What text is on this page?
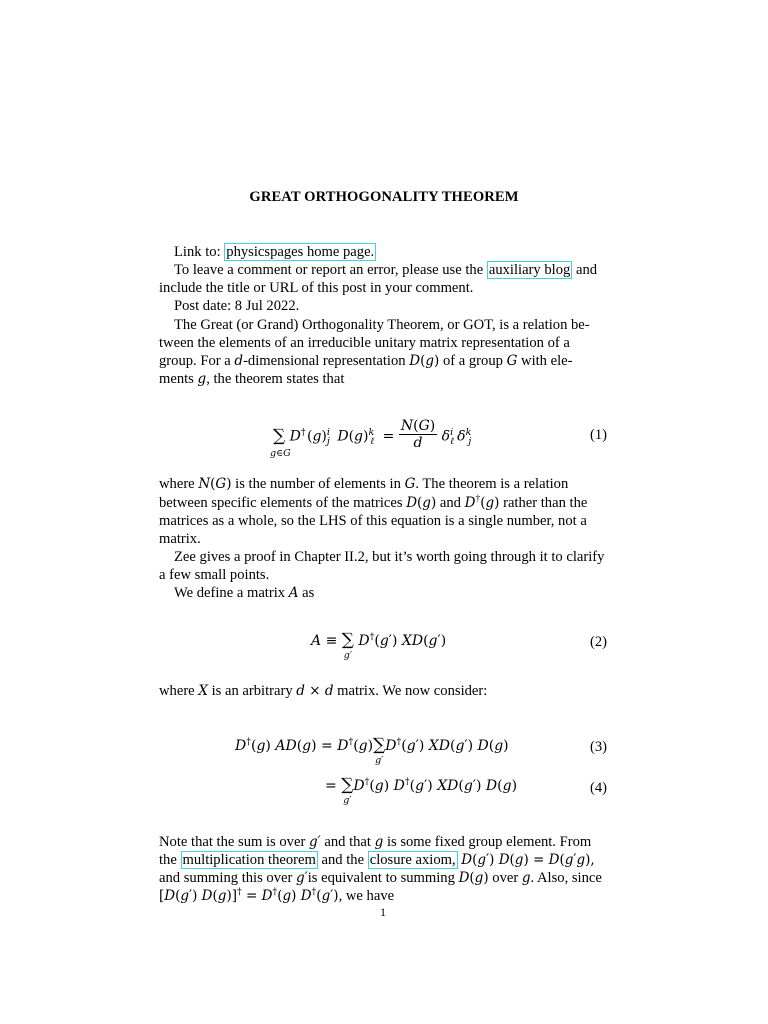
GREAT ORTHOGONALITY THEOREM
Link to: physicspages home page.
To leave a comment or report an error, please use the auxiliary blog and
include the title or URL of this post in your comment.
Post date: 8 Jul 2022.
The Great (or Grand) Orthogonality Theorem, or GOT, is a relation be-
tween the elements of an irreducible unitary matrix representation of a
group. For a d-dimensional representation D(g) of a group G with ele-
ments g, the theorem states that
∑
g∈G
D† $(g)^i_j$ $D(g)^k_\ell = \frac{N(G)}{d} \delta^i_\ell$ $\delta^k_j$	(1)
where N(G) is the number of elements in G. The theorem is a relation
between specific elements of the matrices D(g) and D†(g) rather than the
matrices as a whole, so the LHS of this equation is a single number, not a
matrix.
Zee gives a proof in Chapter II.2, but it’s worth going through it to clarify
a few small points.
We define a matrix A as
A ≡ ∑
g′
D†(g′) XD(g′)	(2)
where X is an arbitrary d × d matrix. We now consider:
D†(g) AD(g) = D†(g)∑
g′
D†(g′) XD(g′) D(g)	(3)
= ∑
g′
D†(g) D†(g′) XD(g′) D(g)	(4)
Note that the sum is over g′ and that g is some fixed group element. From
the multiplication theorem and the closure axiom, D(g′) D(g) = D(g′g),
and summing this over g′is equivalent to summing D(g) over g. Also, since
[D(g′) D(g)]† = D†(g) D†(g′), we have
1
